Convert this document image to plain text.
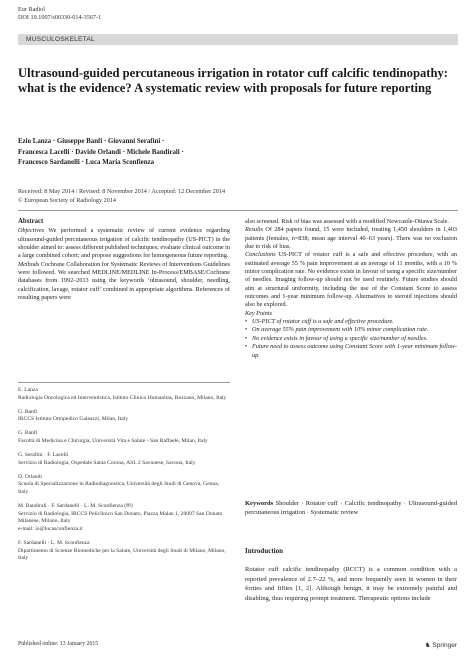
Eur Radiol
DOI 10.1007/s00330-014-3567-1
MUSCULOSKELETAL
Ultrasound-guided percutaneous irrigation in rotator cuff calcific tendinopathy: what is the evidence? A systematic review with proposals for future reporting
Ezio Lanza · Giuseppe Banfi · Giovanni Serafini ·
Francesca Lacelli · Davide Orlandi · Michele Bandirali ·
Francesco Sardanelli · Luca Maria Sconfienza
Received: 8 May 2014 / Revised: 8 November 2014 / Accepted: 12 December 2014
© European Society of Radiology 2014

Abstract

Objectives We performed a systematic review of current evidence regarding ultrasound-guided percutaneous irrigation of calcific tendinopathy (US-PICT) in the shoulder aimed to: assess different published techniques; evaluate clinical outcome in a large combined cohort; and propose suggestions for homogeneous future reporting.

Methods Cochrane Collaboration for Systematic Reviews of Interventions Guidelines were followed. We searched MEDLINE/MEDLINE In-Process/EMBASE/Cochrane databases from 1992–2013 using the keywords ‘ultrasound, shoulder, needling, calcification, lavage, rotator cuff’ combined in appropriate algorithms. References of resulting papers were

E. Lanza
Radiologia Oncologica ed Interventistica, Istituto Clinico Humanitas, Rozzano, Milano, Italy
G. Banfi
IRCCS Istituto Ortopedico Galeazzi, Milan, Italy
G. Banfi
Facoltà di Medicina e Chirurgia, Università Vita e Salute - San Raffaele, Milan, Italy
G. Serafini · F. Lacelli
Servizio di Radiologia, Ospedale Santa Corona, ASL 2 Savonese, Savona, Italy
D. Orlandi
Scuola di Specializzazione in Radiodiagnostica, Università degli Studi di Genova, Genoa, Italy
M. Bandirali · F. Sardanelli · L. M. Sconfienza (✉)
Servizio di Radiologia, IRCCS Policlinico San Donato, Piazza Malan 1, 20097 San Donato Milanese, Milano, Italy
e-mail: io@lucasconfienza.it
F. Sardanelli · L. M. Sconfienza
Dipartimento di Scienze Biomediche per la Salute, Università degli Studi di Milano, Milano, Italy
Published online: 13 January 2015

also screened. Risk of bias was assessed with a modified Newcastle-Ottawa Scale.

Results Of 284 papers found, 15 were included, treating 1,450 shoulders in 1,403 patients (females, n=838; mean age interval 40–63 years). There was no exclusion due to risk of bias.

Conclusions US-PICT of rotator cuff is a safe and effective procedure, with an estimated average 55 % pain improvement at an average of 11 months, with a 10 % minor complication rate. No evidence exists in favour of using a specific size/number of needles. Imaging follow-up should not be used routinely. Future studies should aim at structural uniformity, including the use of the Constant Score to assess outcomes and 1-year minimum follow-up. Alternatives to steroid injections should also be explored.

Key Points

• US-PICT of rotator cuff is a safe and effective procedure.
• On average 55% pain improvement with 10% minor complication rate.
• No evidence exists in favour of using a specific size/number of needles.
• Future need to assess outcome using Constant Score with 1-year minimum follow-up.
Keywords Shoulder · Rotator cuff · Calcific tendinopathy · Ultrasound-guided percutaneous irrigation · Systematic review
Introduction
Rotator cuff calcific tendinopathy (RCCT) is a common condition with a reported prevalence of 2.7–22 %, and more frequently seen in women in their forties and fifties [1, 2]. Although benign, it may be extremely painful and disabling, thus requiring prompt treatment. Therapeutic options include
♞ Springer
